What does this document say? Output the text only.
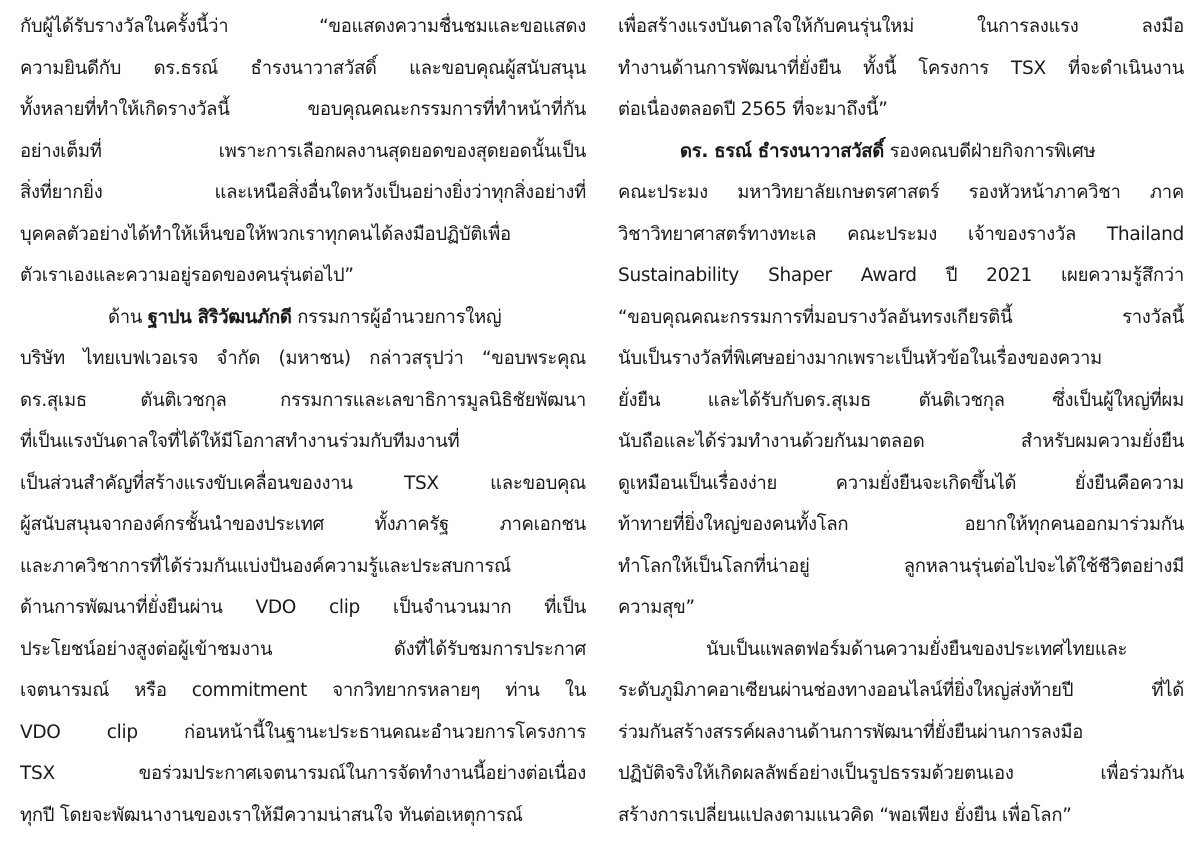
กับผู้ได้รับรางวัลในครั้งนี้ว่า	“ขอแสดงความชื่นชมและขอแสดง
ความยินดีกับ ดร.ธรณ์ ธำรงนาวาสวัสดิ์ และขอบคุณผู้สนับสนุน
ทั้งหลายที่ทำให้เกิดรางวัลนี้	ขอบคุณคณะกรรมการที่ทำหน้าที่กัน
อย่างเต็มที่	เพราะการเลือกผลงานสุดยอดของสุดยอดนั้นเป็น
สิ่งที่ยากยิ่ง	และเหนือสิ่งอื่นใดหวังเป็นอย่างยิ่งว่าทุกสิ่งอย่างที่
บุคคลตัวอย่างได้ทำให้เห็นขอให้พวกเราทุกคนได้ลงมือปฏิบัติเพื่อ
ตัวเราเองและความอยู่รอดของคนรุ่นต่อไป”
ด้าน ฐาปน สิริวัฒนภักดี กรรมการผู้อำนวยการใหญ่
บริษัท ไทยเบฟเวอเรจ จำกัด (มหาชน) กล่าวสรุปว่า “ขอบพระคุณ
ดร.สุเมธ	ตันติเวชกุล	กรรมการและเลขาธิการมูลนิธิชัยพัฒนา
ที่เป็นแรงบันดาลใจที่ได้ให้มีโอกาสทำงานร่วมกับทีมงานที่
เป็นส่วนสำคัญที่สร้างแรงขับเคลื่อนของงาน	TSX	และขอบคุณ
ผู้สนับสนุนจากองค์กรชั้นนำของประเทศ	ทั้งภาครัฐ	ภาคเอกชน
และภาควิชาการที่ได้ร่วมกันแบ่งปันองค์ความรู้และประสบการณ์
ด้านการพัฒนาที่ยั่งยืนผ่าน VDO clip เป็นจำนวนมาก ที่เป็น
ประโยชน์อย่างสูงต่อผู้เข้าชมงาน	ดังที่ได้รับชมการประกาศ
เจตนารมณ์ หรือ commitment จากวิทยากรหลายๆ ท่าน ใน
VDO clip ก่อนหน้านี้ในฐานะประธานคณะอำนวยการโครงการ
TSX	ขอร่วมประกาศเจตนารมณ์ในการจัดทำงานนี้อย่างต่อเนื่อง
ทุกปี โดยจะพัฒนางานของเราให้มีความน่าสนใจ ทันต่อเหตุการณ์
เพื่อสร้างแรงบันดาลใจให้กับคนรุ่นใหม่	ในการลงแรง	ลงมือ
ทำงานด้านการพัฒนาที่ยั่งยืน ทั้งนี้ โครงการ TSX ที่จะดำเนินงาน
ต่อเนื่องตลอดปี 2565 ที่จะมาถึงนี้”
ดร. ธรณ์ ธำรงนาวาสวัสดิ์ รองคณบดีฝ่ายกิจการพิเศษ
คณะประมง มหาวิทยาลัยเกษตรศาสตร์ รองหัวหน้าภาควิชา ภาค
วิชาวิทยาศาสตร์ทางทะเล คณะประมง เจ้าของรางวัล Thailand
Sustainability Shaper Award ปี 2021 เผยความรู้สึกว่า
“ขอบคุณคณะกรรมการที่มอบรางวัลอันทรงเกียรตินี้	รางวัลนี้
นับเป็นรางวัลที่พิเศษอย่างมากเพราะเป็นหัวข้อในเรื่องของความ
ยั่งยืน	และได้รับกับดร.สุเมธ	ตันติเวชกุล	ซึ่งเป็นผู้ใหญ่ที่ผม
นับถือและได้ร่วมทำงานด้วยกันมาตลอด	สำหรับผมความยั่งยืน
ดูเหมือนเป็นเรื่องง่าย	ความยั่งยืนจะเกิดขึ้นได้	ยั่งยืนคือความ
ท้าทายที่ยิ่งใหญ่ของคนทั้งโลก	อยากให้ทุกคนออกมาร่วมกัน
ทำโลกให้เป็นโลกที่น่าอยู่	ลูกหลานรุ่นต่อไปจะได้ใช้ชีวิตอย่างมี
ความสุข”
นับเป็นแพลตฟอร์มด้านความยั่งยืนของประเทศไทยและ
ระดับภูมิภาคอาเซียนผ่านช่องทางออนไลน์ที่ยิ่งใหญ่ส่งท้ายปี	ที่ได้
ร่วมกันสร้างสรรค์ผลงานด้านการพัฒนาที่ยั่งยืนผ่านการลงมือ
ปฏิบัติจริงให้เกิดผลลัพธ์อย่างเป็นรูปธรรมด้วยตนเอง	เพื่อร่วมกัน
สร้างการเปลี่ยนแปลงตามแนวคิด “พอเพียง ยั่งยืน เพื่อโลก”
